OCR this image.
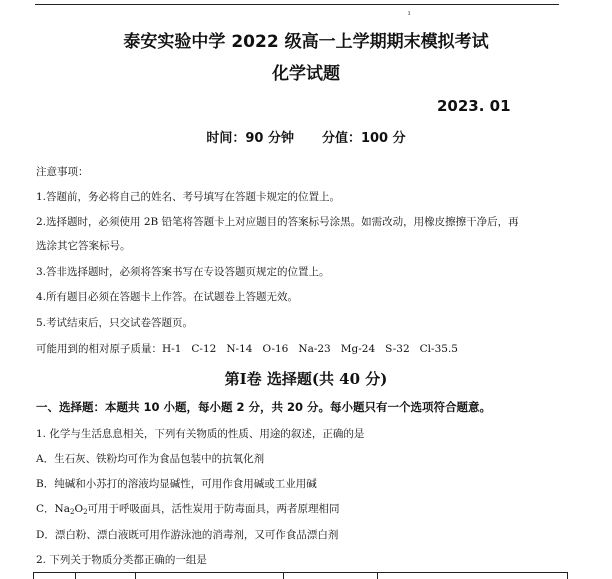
ı
泰安实验中学 2022 级高一上学期期末模拟考试
化学试题
2023. 01
时间：90 分钟 分值：100 分
注意事项：
1.答题前，务必将自己的姓名、考号填写在答题卡规定的位置上。
2.选择题时，必须使用 2B 铅笔将答题卡上对应题目的答案标号涂黑。如需改动，用橡皮擦擦干净后，再
选涂其它答案标号。
3.答非选择题时，必须将答案书写在专设答题页规定的位置上。
4.所有题目必须在答题卡上作答。在试题卷上答题无效。
5.考试结束后，只交试卷答题页。
可能用到的相对原子质量：H-1   C-12   N-14   O-16   Na-23   Mg-24   S-32   Cl-35.5
第Ⅰ卷 选择题(共 40 分)
一、选择题：本题共 10 小题，每小题 2 分，共 20 分。每小题只有一个选项符合题意。
1. 化学与生活息息相关，下列有关物质的性质、用途的叙述，正确的是
A．生石灰、铁粉均可作为食品包装中的抗氧化剂
B．纯碱和小苏打的溶液均显碱性，可用作食用碱或工业用碱
C．$Na_2O_2$可用于呼吸面具，活性炭用于防毒面具，两者原理相同
D．漂白粉、漂白液既可用作游泳池的消毒剂，又可作食品漂白剂
2. 下列关于物质分类都正确的一组是
